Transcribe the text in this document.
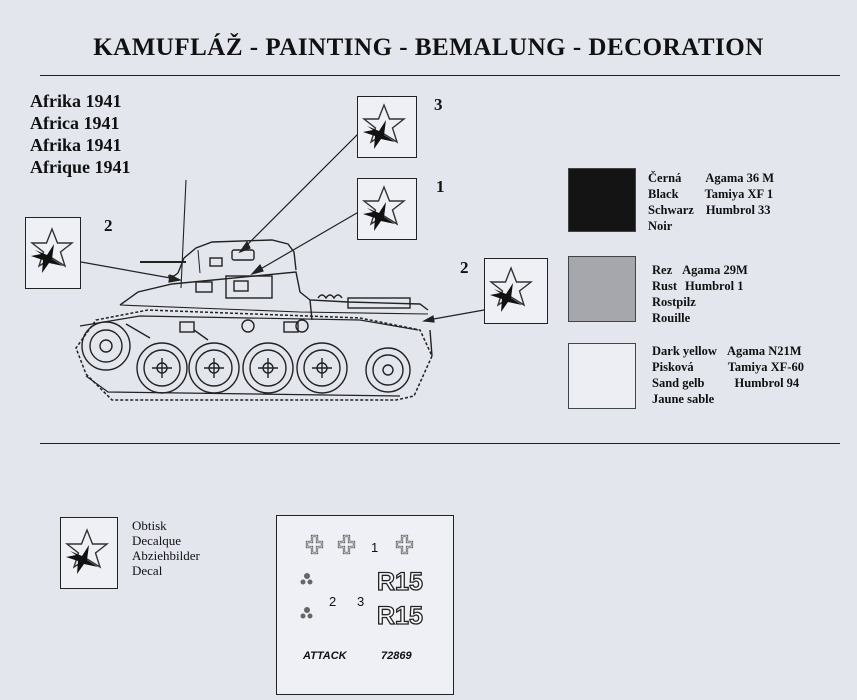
KAMUFLÁŽ - PAINTING - BEMALUNG - DECORATION
Afrika 1941
Africa 1941
Afrika 1941
Afrique 1941
2
3
1
2
Černá Agama 36 M
Black Tamiya XF 1
Schwarz Humbrol 33
Noir
Rez Agama 29M
Rust Humbrol 1
Rostpilz
Rouille
Dark yellow Agama N21M
Pisková	Tamiya XF-60
Sand gelb Humbrol 94
Jaune sable
Obtisk
Decalque
Abziehbilder
Decal
1
2 3
R15
R15
ATTACK	72869
